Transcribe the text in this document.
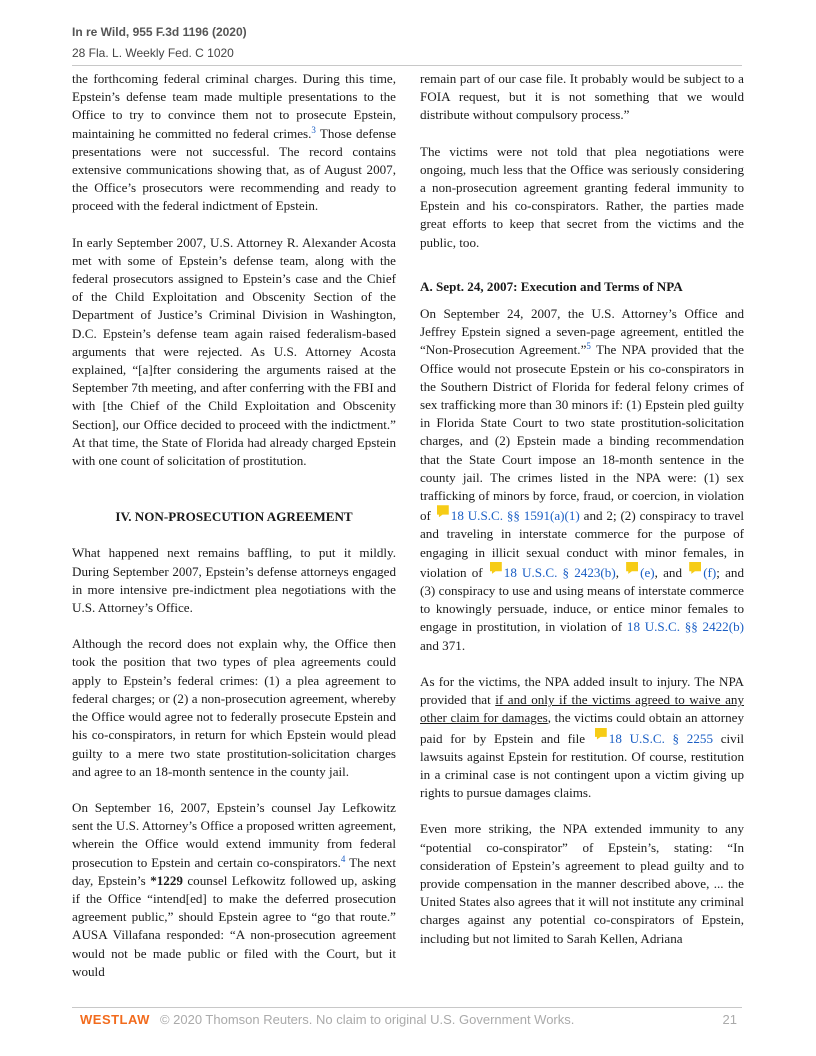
In re Wild, 955 F.3d 1196 (2020)
28 Fla. L. Weekly Fed. C 1020

the forthcoming federal criminal charges. During this time, Epstein’s defense team made multiple presentations to the Office to try to convince them not to prosecute Epstein, maintaining he committed no federal crimes.$^3$ Those defense presentations were not successful. The record contains extensive communications showing that, as of August 2007, the Office’s prosecutors were recommending and ready to proceed with the federal indictment of Epstein.

In early September 2007, U.S. Attorney R. Alexander Acosta met with some of Epstein’s defense team, along with the federal prosecutors assigned to Epstein’s case and the Chief of the Child Exploitation and Obscenity Section of the Department of Justice’s Criminal Division in Washington, D.C. Epstein’s defense team again raised federalism-based arguments that were rejected. As U.S. Attorney Acosta explained, “[a]fter considering the arguments raised at the September 7th meeting, and after conferring with the FBI and with [the Chief of the Child Exploitation and Obscenity Section], our Office decided to proceed with the indictment.” At that time, the State of Florida had already charged Epstein with one count of solicitation of prostitution.

IV. NON-PROSECUTION AGREEMENT

What happened next remains baffling, to put it mildly. During September 2007, Epstein’s defense attorneys engaged in more intensive pre-indictment plea negotiations with the U.S. Attorney’s Office.

Although the record does not explain why, the Office then took the position that two types of plea agreements could apply to Epstein’s federal crimes: (1) a plea agreement to federal charges; or (2) a non-prosecution agreement, whereby the Office would agree not to federally prosecute Epstein and his co-conspirators, in return for which Epstein would plead guilty to a mere two state prostitution-solicitation charges and agree to an 18-month sentence in the county jail.

On September 16, 2007, Epstein’s counsel Jay Lefkowitz sent the U.S. Attorney’s Office a proposed written agreement, wherein the Office would extend immunity from federal prosecution to Epstein and certain co-conspirators.$^4$ The next day, Epstein’s *1229 counsel Lefkowitz followed up, asking if the Office “intend[ed] to make the deferred prosecution agreement public,” should Epstein agree to “go that route.” AUSA Villafana responded: “A non-prosecution agreement would not be made public or filed with the Court, but it would

remain part of our case file. It probably would be subject to a FOIA request, but it is not something that we would distribute without compulsory process.”

The victims were not told that plea negotiations were ongoing, much less that the Office was seriously considering a non-prosecution agreement granting federal immunity to Epstein and his co-conspirators. Rather, the parties made great efforts to keep that secret from the victims and the public, too.

A. Sept. 24, 2007: Execution and Terms of NPA

On September 24, 2007, the U.S. Attorney’s Office and Jeffrey Epstein signed a seven-page agreement, entitled the “Non-Prosecution Agreement.”$^5$ The NPA provided that the Office would not prosecute Epstein or his co-conspirators in the Southern District of Florida for federal felony crimes of sex trafficking more than 30 minors if: (1) Epstein pled guilty in Florida State Court to two state prostitution-solicitation charges, and (2) Epstein made a binding recommendation that the State Court impose an 18-month sentence in the county jail. The crimes listed in the NPA were: (1) sex trafficking of minors by force, fraud, or coercion, in violation of 18 U.S.C. §§ 1591(a)(1) and 2; (2) conspiracy to travel and traveling in interstate commerce for the purpose of engaging in illicit sexual conduct with minor females, in violation of 18 U.S.C. § 2423(b), (e), and (f); and (3) conspiracy to use and using means of interstate commerce to knowingly persuade, induce, or entice minor females to engage in prostitution, in violation of 18 U.S.C. §§ 2422(b) and 371.

As for the victims, the NPA added insult to injury. The NPA provided that if and only if the victims agreed to waive any other claim for damages, the victims could obtain an attorney paid for by Epstein and file 18 U.S.C. § 2255 civil lawsuits against Epstein for restitution. Of course, restitution in a criminal case is not contingent upon a victim giving up rights to pursue damages claims.

Even more striking, the NPA extended immunity to any “potential co-conspirator” of Epstein’s, stating: “In consideration of Epstein’s agreement to plead guilty and to provide compensation in the manner described above, ... the United States also agrees that it will not institute any criminal charges against any potential co-conspirators of Epstein, including but not limited to Sarah Kellen, Adriana

WESTLAW © 2020 Thomson Reuters. No claim to original U.S. Government Works.	21
